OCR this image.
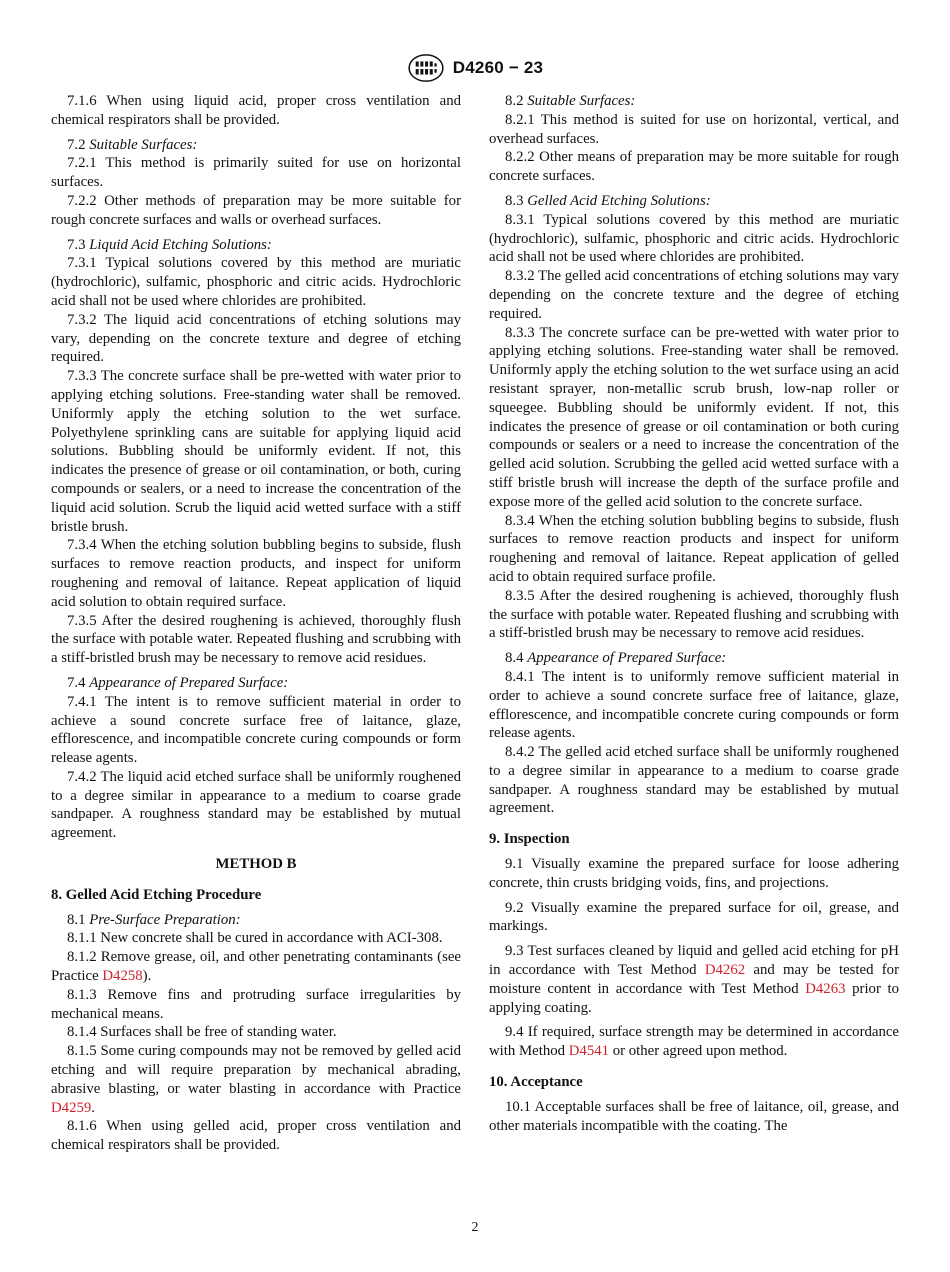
D4260 − 23

7.1.6 When using liquid acid, proper cross ventilation and chemical respirators shall be provided.

7.2 Suitable Surfaces:

7.2.1 This method is primarily suited for use on horizontal surfaces.

7.2.2 Other methods of preparation may be more suitable for rough concrete surfaces and walls or overhead surfaces.

7.3 Liquid Acid Etching Solutions:

7.3.1 Typical solutions covered by this method are muriatic (hydrochloric), sulfamic, phosphoric and citric acids. Hydrochloric acid shall not be used where chlorides are prohibited.

7.3.2 The liquid acid concentrations of etching solutions may vary, depending on the concrete texture and degree of etching required.

7.3.3 The concrete surface shall be pre-wetted with water prior to applying etching solutions. Free-standing water shall be removed. Uniformly apply the etching solution to the wet surface. Polyethylene sprinkling cans are suitable for applying liquid acid solutions. Bubbling should be uniformly evident. If not, this indicates the presence of grease or oil contamination, or both, curing compounds or sealers, or a need to increase the concentration of the liquid acid solution. Scrub the liquid acid wetted surface with a stiff bristle brush.

7.3.4 When the etching solution bubbling begins to subside, flush surfaces to remove reaction products, and inspect for uniform roughening and removal of laitance. Repeat application of liquid acid solution to obtain required surface.

7.3.5 After the desired roughening is achieved, thoroughly flush the surface with potable water. Repeated flushing and scrubbing with a stiff-bristled brush may be necessary to remove acid residues.

7.4 Appearance of Prepared Surface:

7.4.1 The intent is to remove sufficient material in order to achieve a sound concrete surface free of laitance, glaze, efflorescence, and incompatible concrete curing compounds or form release agents.

7.4.2 The liquid acid etched surface shall be uniformly roughened to a degree similar in appearance to a medium to coarse grade sandpaper. A roughness standard may be established by mutual agreement.

METHOD B
8. Gelled Acid Etching Procedure

8.1 Pre-Surface Preparation:

8.1.1 New concrete shall be cured in accordance with ACI-308.

8.1.2 Remove grease, oil, and other penetrating contaminants (see Practice D4258).

8.1.3 Remove fins and protruding surface irregularities by mechanical means.

8.1.4 Surfaces shall be free of standing water.

8.1.5 Some curing compounds may not be removed by gelled acid etching and will require preparation by mechanical abrading, abrasive blasting, or water blasting in accordance with Practice D4259.

8.1.6 When using gelled acid, proper cross ventilation and chemical respirators shall be provided.

8.2 Suitable Surfaces:

8.2.1 This method is suited for use on horizontal, vertical, and overhead surfaces.

8.2.2 Other means of preparation may be more suitable for rough concrete surfaces.

8.3 Gelled Acid Etching Solutions:

8.3.1 Typical solutions covered by this method are muriatic (hydrochloric), sulfamic, phosphoric and citric acids. Hydrochloric acid shall not be used where chlorides are prohibited.

8.3.2 The gelled acid concentrations of etching solutions may vary depending on the concrete texture and the degree of etching required.

8.3.3 The concrete surface can be pre-wetted with water prior to applying etching solutions. Free-standing water shall be removed. Uniformly apply the etching solution to the wet surface using an acid resistant sprayer, non-metallic scrub brush, low-nap roller or squeegee. Bubbling should be uniformly evident. If not, this indicates the presence of grease or oil contamination or both curing compounds or sealers or a need to increase the concentration of the gelled acid solution. Scrubbing the gelled acid wetted surface with a stiff bristle brush will increase the depth of the surface profile and expose more of the gelled acid solution to the concrete surface.

8.3.4 When the etching solution bubbling begins to subside, flush surfaces to remove reaction products and inspect for uniform roughening and removal of laitance. Repeat application of gelled acid to obtain required surface profile.

8.3.5 After the desired roughening is achieved, thoroughly flush the surface with potable water. Repeated flushing and scrubbing with a stiff-bristled brush may be necessary to remove acid residues.

8.4 Appearance of Prepared Surface:

8.4.1 The intent is to uniformly remove sufficient material in order to achieve a sound concrete surface free of laitance, glaze, efflorescence, and incompatible concrete curing compounds or form release agents.

8.4.2 The gelled acid etched surface shall be uniformly roughened to a degree similar in appearance to a medium to coarse grade sandpaper. A roughness standard may be established by mutual agreement.

9. Inspection

9.1 Visually examine the prepared surface for loose adhering concrete, thin crusts bridging voids, fins, and projections.

9.2 Visually examine the prepared surface for oil, grease, and markings.

9.3 Test surfaces cleaned by liquid and gelled acid etching for pH in accordance with Test Method D4262 and may be tested for moisture content in accordance with Test Method D4263 prior to applying coating.

9.4 If required, surface strength may be determined in accordance with Method D4541 or other agreed upon method.

10. Acceptance

10.1 Acceptable surfaces shall be free of laitance, oil, grease, and other materials incompatible with the coating. The

2
